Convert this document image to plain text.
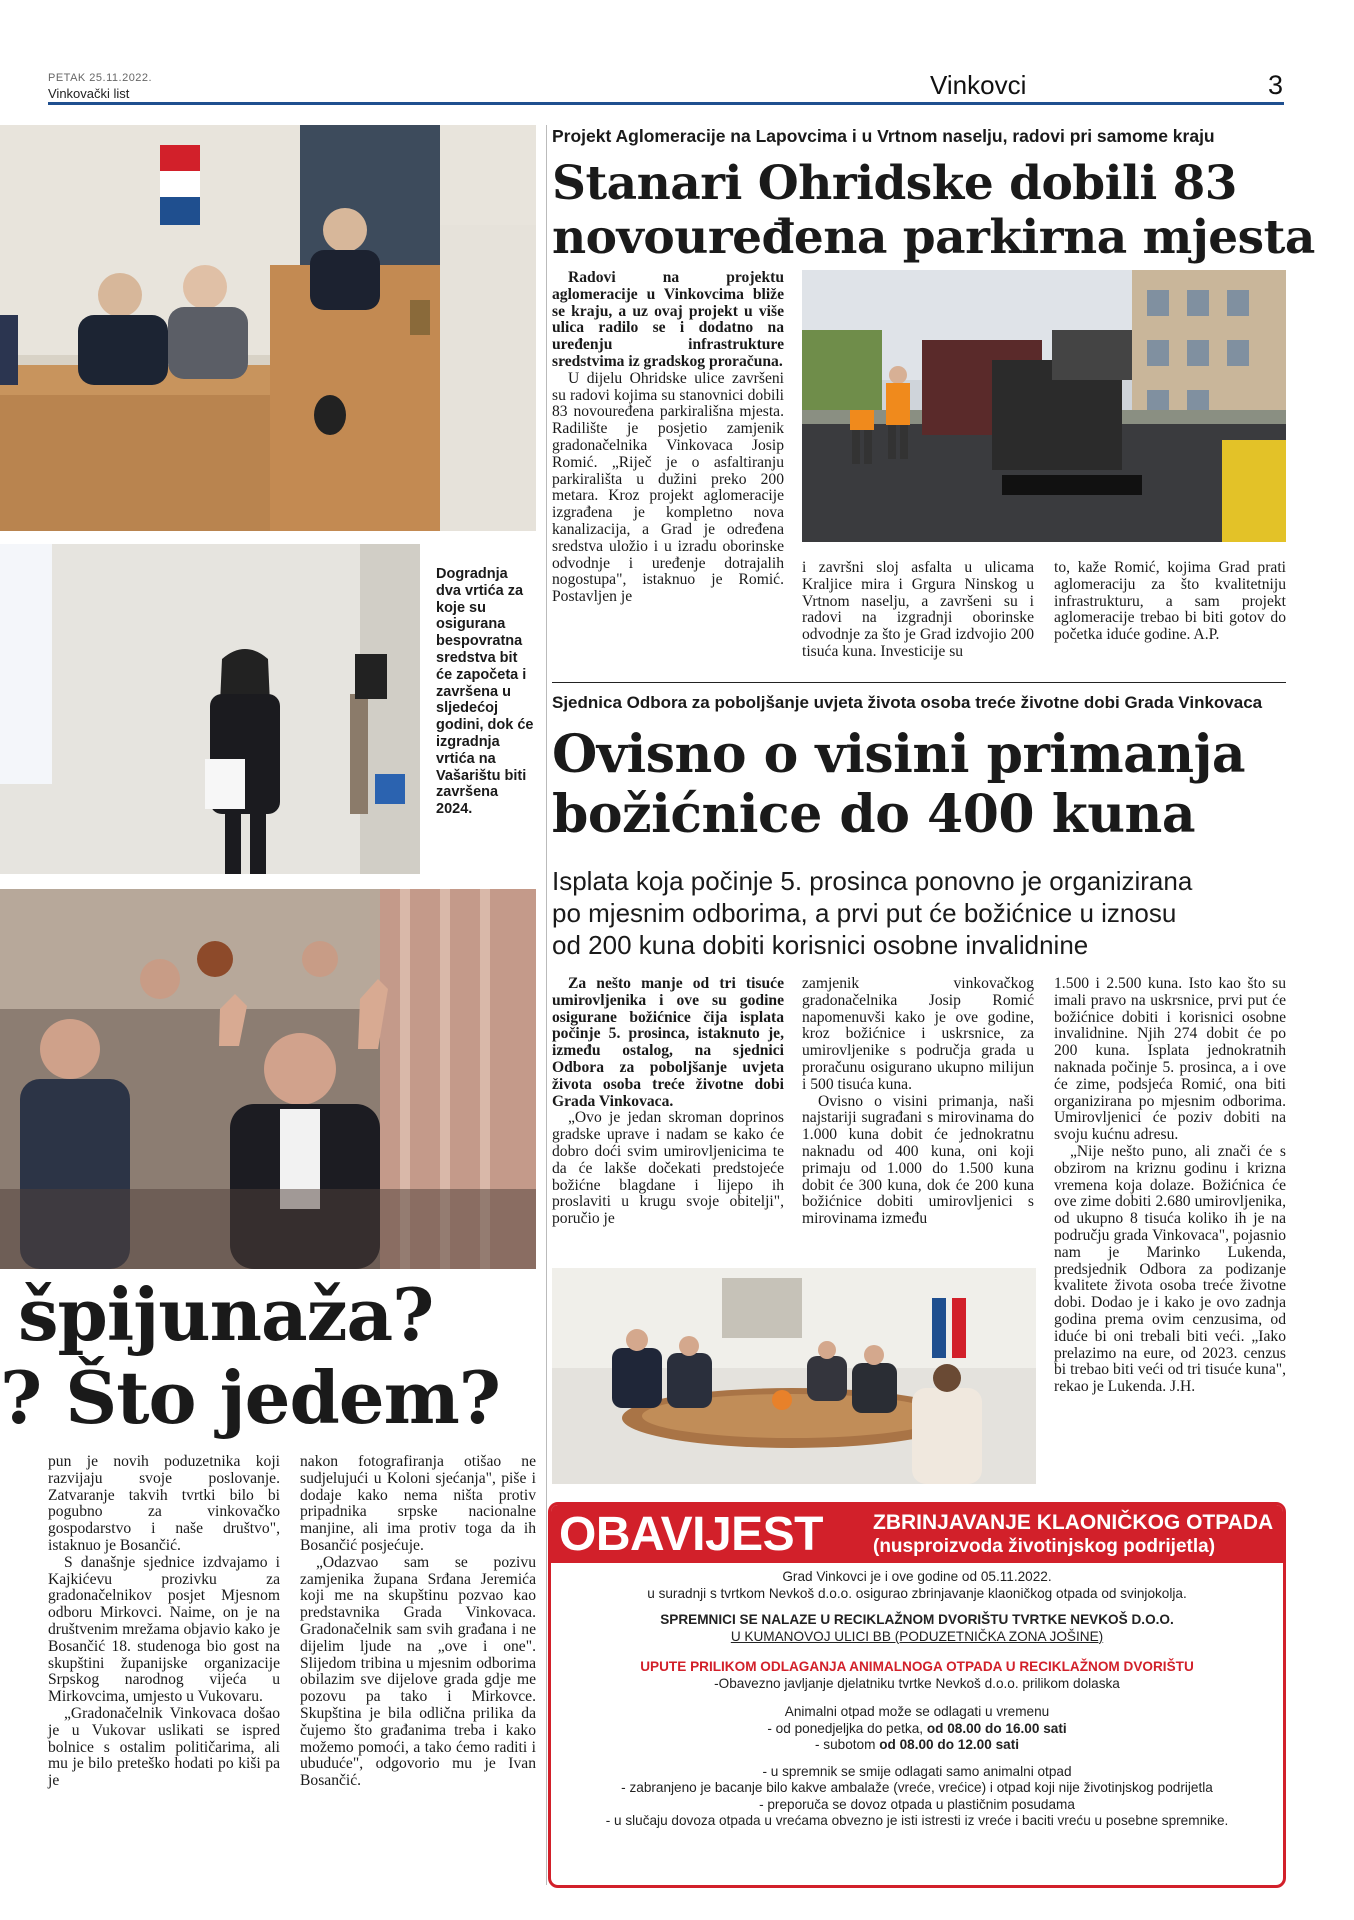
PETAK 25.11.2022.
Vinkovački list	Vinkovci	3
Dogradnja dva vrtića za koje su osigurana bespovratna sredstva bit će započeta i završena u sljedećoj godini, dok će izgradnja vrtića na Vašarištu biti završena 2024.
špijunaža?
? Što jedem?

pun je novih poduzetnika koji razvijaju svoje poslovanje. Zatvaranje takvih tvrtki bilo bi pogubno za vinkovačko gospodarstvo i naše društvo", istaknuo je Bosančić.

S današnje sjednice izdvajamo i Kajkićevu prozivku za gradonačelnikov posjet Mjesnom odboru Mirkovci. Naime, on je na društvenim mrežama objavio kako je Bosančić 18. studenoga bio gost na skupštini županijske organizacije Srpskog narodnog vijeća u Mirkovcima, umjesto u Vukovaru.

„Gradonačelnik Vinkovaca došao je u Vukovar uslikati se ispred bolnice s ostalim političarima, ali mu je bilo preteško hodati po kiši pa je

nakon fotografiranja otišao ne sudjelujući u Koloni sjećanja", piše i dodaje kako nema ništa protiv pripadnika srpske nacionalne manjine, ali ima protiv toga da ih Bosančić posjećuje.

„Odazvao sam se pozivu zamjenika župana Srđana Jeremića koji me na skupštinu pozvao kao predstavnika Grada Vinkovaca. Gradonačelnik sam svih građana i ne dijelim ljude na „ove i one". Slijedom tribina u mjesnim odborima obilazim sve dijelove grada gdje me pozovu pa tako i Mirkovce. Skupština je bila odlična prilika da čujemo što građanima treba i kako možemo pomoći, a tako ćemo raditi i ubuduće", odgovorio mu je Ivan Bosančić.

Projekt Aglomeracije na Lapovcima i u Vrtnom naselju, radovi pri samome kraju
Stanari Ohridske dobili 83
novouređena parkirna mjesta

Radovi na projektu aglomeracije u Vinkovcima bliže se kraju, a uz ovaj projekt u više ulica radilo se i dodatno na uređenju infrastrukture sredstvima iz gradskog proračuna.

U dijelu Ohridske ulice završeni su radovi kojima su stanovnici dobili 83 novouređena parkirališna mjesta. Radilište je posjetio zamjenik gradonačelnika Vinkovaca Josip Romić. „Riječ je o asfaltiranju parkirališta u dužini preko 200 metara. Kroz projekt aglomeracije izgrađena je kompletno nova kanalizacija, a Grad je određena sredstva uložio i u izradu oborinske odvodnje i uređenje dotrajalih nogostupa", istaknuo je Romić. Postavljen je

i završni sloj asfalta u ulicama Kraljice mira i Grgura Ninskog u Vrtnom naselju, a završeni su i radovi na izgradnji oborinske odvodnje za što je Grad izdvojio 200 tisuća kuna. Investicije su

to, kaže Romić, kojima Grad prati aglomeraciju za što kvalitetniju infrastrukturu, a sam projekt aglomeracije trebao bi biti gotov do početka iduće godine. A.P.

Sjednica Odbora za poboljšanje uvjeta života osoba treće životne dobi Grada Vinkovaca
Ovisno o visini primanja
božićnice do 400 kuna
Isplata koja počinje 5. prosinca ponovno je organizirana
po mjesnim odborima, a prvi put će božićnice u iznosu
od 200 kuna dobiti korisnici osobne invalidnine

Za nešto manje od tri tisuće umirovljenika i ove su godine osigurane božićnice čija isplata počinje 5. prosinca, istaknuto je, između ostalog, na sjednici Odbora za poboljšanje uvjeta života osoba treće životne dobi Grada Vinkovaca.

„Ovo je jedan skroman doprinos gradske uprave i nadam se kako će dobro doći svim umirovljenicima te da će lakše dočekati predstojeće božićne blagdane i lijepo ih proslaviti u krugu svoje obitelji", poručio je

zamjenik vinkovačkog gradonačelnika Josip Romić napomenuvši kako je ove godine, kroz božićnice i uskrsnice, za umirovljenike s područja grada u proračunu osigurano ukupno milijun i 500 tisuća kuna.

Ovisno o visini primanja, naši najstariji sugrađani s mirovinama do 1.000 kuna dobit će jednokratnu naknadu od 400 kuna, oni koji primaju od 1.000 do 1.500 kuna dobit će 300 kuna, dok će 200 kuna božićnice dobiti umirovljenici s mirovinama između

1.500 i 2.500 kuna. Isto kao što su imali pravo na uskrsnice, prvi put će božićnice dobiti i korisnici osobne invalidnine. Njih 274 dobit će po 200 kuna. Isplata jednokratnih naknada počinje 5. prosinca, a i ove će zime, podsjeća Romić, ona biti organizirana po mjesnim odborima. Umirovljenici će poziv dobiti na svoju kućnu adresu.

„Nije nešto puno, ali znači će s obzirom na kriznu godinu i krizna vremena koja dolaze. Božićnica će ove zime dobiti 2.680 umirovljenika, od ukupno 8 tisuća koliko ih je na području grada Vinkovaca", pojasnio nam je Marinko Lukenda, predsjednik Odbora za podizanje kvalitete života osoba treće životne dobi. Dodao je i kako je ovo zadnja godina prema ovim cenzusima, od iduće bi oni trebali biti veći. „Iako prelazimo na eure, od 2023. cenzus bi trebao biti veći od tri tisuće kuna", rekao je Lukenda. J.H.

OBAVIJEST ZBRINJAVANJE KLAONIČKOG OTPADA
(nusproizvoda životinjskog podrijetla)

Grad Vinkovci je i ove godine od 05.11.2022.

u suradnji s tvrtkom Nevkoš d.o.o. osigurao zbrinjavanje klaoničkog otpada od svinjokolja.

SPREMNICI SE NALAZE U RECIKLAŽNOM DVORIŠTU TVRTKE NEVKOŠ D.O.O.

U KUMANOVOJ ULICI BB (PODUZETNIČKA ZONA JOŠINE)

UPUTE PRILIKOM ODLAGANJA ANIMALNOGA OTPADA U RECIKLAŽNOM DVORIŠTU

-Obavezno javljanje djelatniku tvrtke Nevkoš d.o.o. prilikom dolaska

Animalni otpad može se odlagati u vremenu

- od ponedjeljka do petka, od 08.00 do 16.00 sati

- subotom od 08.00 do 12.00 sati

- u spremnik se smije odlagati samo animalni otpad

- zabranjeno je bacanje bilo kakve ambalaže (vreće, vrećice) i otpad koji nije životinjskog podrijetla

- preporuča se dovoz otpada u plastičnim posudama

- u slučaju dovoza otpada u vrećama obvezno je isti istresti iz vreće i baciti vreću u posebne spremnike.
